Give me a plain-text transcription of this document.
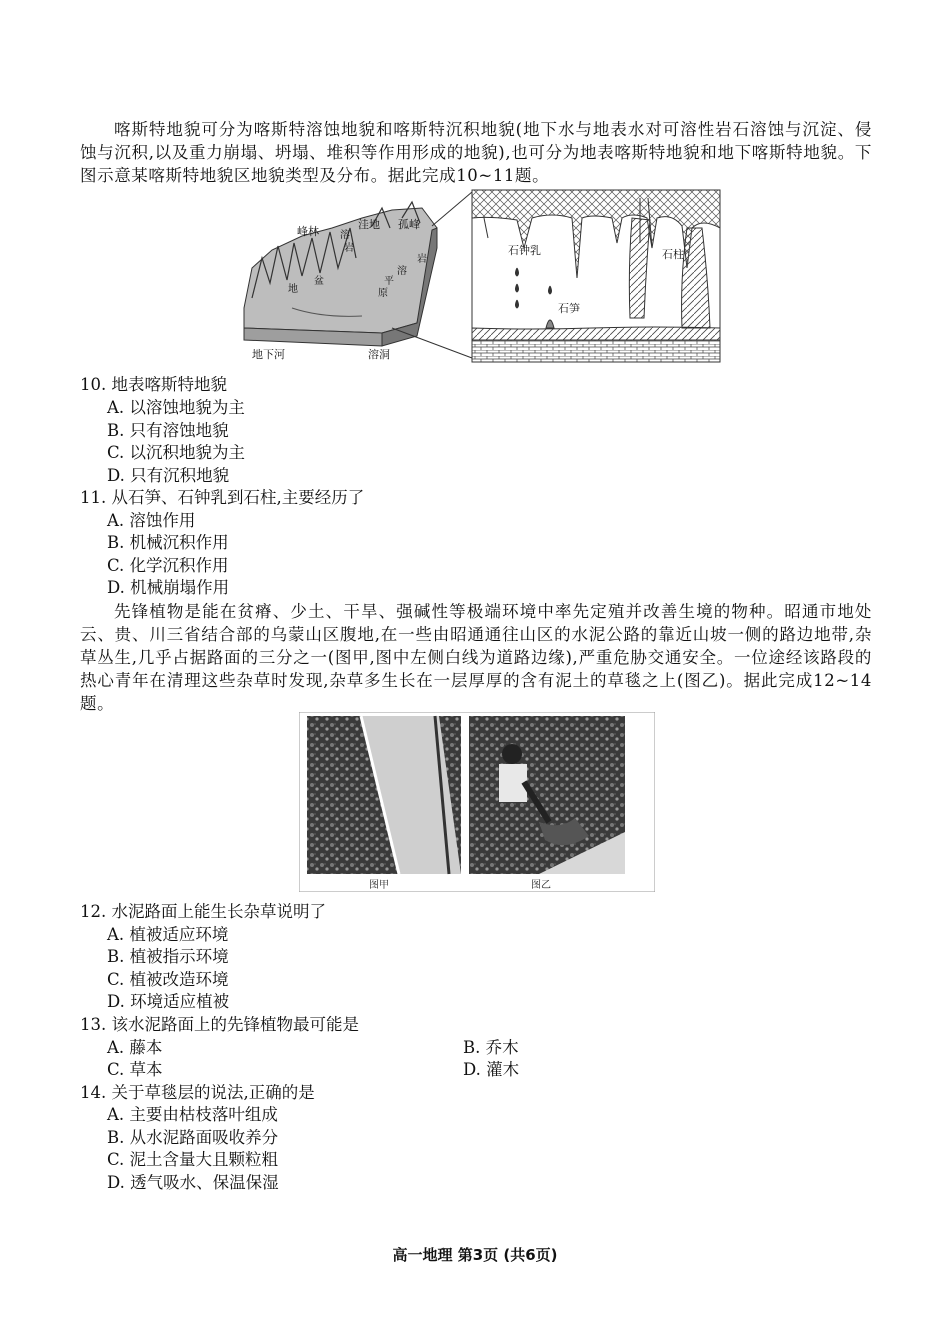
喀斯特地貌可分为喀斯特溶蚀地貌和喀斯特沉积地貌(地下水与地表水对可溶性岩石溶蚀与沉淀、侵蚀与沉积,以及重力崩塌、坍塌、堆积等作用形成的地貌),也可分为地表喀斯特地貌和地下喀斯特地貌。下图示意某喀斯特地貌区地貌类型及分布。据此完成10~11题。
峰林
洼地 孤峰
溶
岩
地
盆
岩
溶
平
原
地下河	溶洞
石钟乳	石柱
石笋
10. 地表喀斯特地貌
A. 以溶蚀地貌为主
B. 只有溶蚀地貌
C. 以沉积地貌为主
D. 只有沉积地貌
11. 从石笋、石钟乳到石柱,主要经历了
A. 溶蚀作用
B. 机械沉积作用
C. 化学沉积作用
D. 机械崩塌作用
先锋植物是能在贫瘠、少土、干旱、强碱性等极端环境中率先定殖并改善生境的物种。昭通市地处云、贵、川三省结合部的乌蒙山区腹地,在一些由昭通通往山区的水泥公路的靠近山坡一侧的路边地带,杂草丛生,几乎占据路面的三分之一(图甲,图中左侧白线为道路边缘),严重危胁交通安全。一位途经该路段的热心青年在清理这些杂草时发现,杂草多生长在一层厚厚的含有泥土的草毯之上(图乙)。据此完成12~14题。
图甲	图乙
12. 水泥路面上能生长杂草说明了
A. 植被适应环境
B. 植被指示环境
C. 植被改造环境
D. 环境适应植被
13. 该水泥路面上的先锋植物最可能是
A. 藤本	B. 乔木
C. 草本	D. 灌木
14. 关于草毯层的说法,正确的是
A. 主要由枯枝落叶组成
B. 从水泥路面吸收养分
C. 泥土含量大且颗粒粗
D. 透气吸水、保温保湿
高一地理 第3页 (共6页)
